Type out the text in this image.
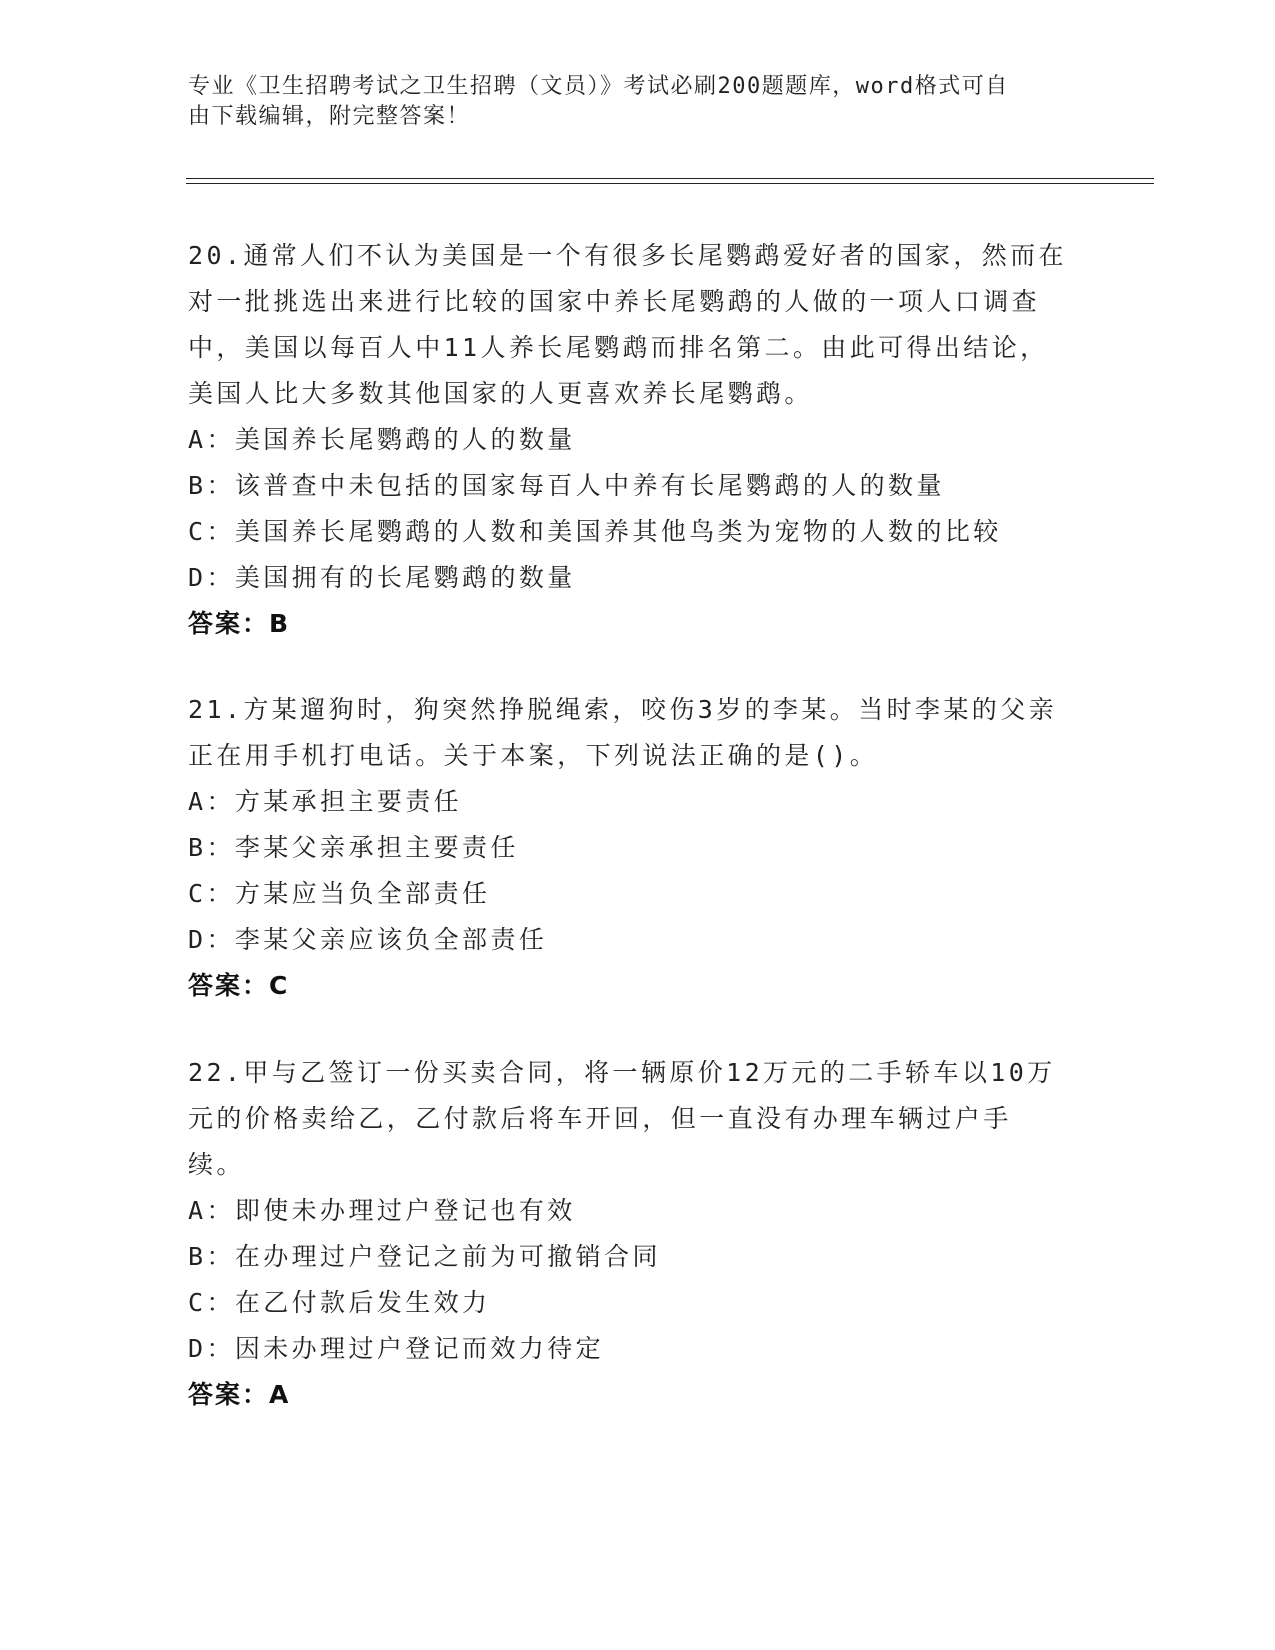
专业《卫生招聘考试之卫生招聘（文员）》考试必刷200题题库，word格式可自
由下载编辑，附完整答案！
20.通常人们不认为美国是一个有很多长尾鹦鹉爱好者的国家，然而在对一批挑选出来进行比较的国家中养长尾鹦鹉的人做的一项人口调查中，美国以每百人中11人养长尾鹦鹉而排名第二。由此可得出结论，美国人比大多数其他国家的人更喜欢养长尾鹦鹉。
A：美国养长尾鹦鹉的人的数量
B：该普查中未包括的国家每百人中养有长尾鹦鹉的人的数量
C：美国养长尾鹦鹉的人数和美国养其他鸟类为宠物的人数的比较
D：美国拥有的长尾鹦鹉的数量
答案：B
21.方某遛狗时，狗突然挣脱绳索，咬伤3岁的李某。当时李某的父亲正在用手机打电话。关于本案，下列说法正确的是()。
A：方某承担主要责任
B：李某父亲承担主要责任
C：方某应当负全部责任
D：李某父亲应该负全部责任
答案：C
22.甲与乙签订一份买卖合同，将一辆原价12万元的二手轿车以10万元的价格卖给乙，乙付款后将车开回，但一直没有办理车辆过户手续。
A：即使未办理过户登记也有效
B：在办理过户登记之前为可撤销合同
C：在乙付款后发生效力
D：因未办理过户登记而效力待定
答案：A
